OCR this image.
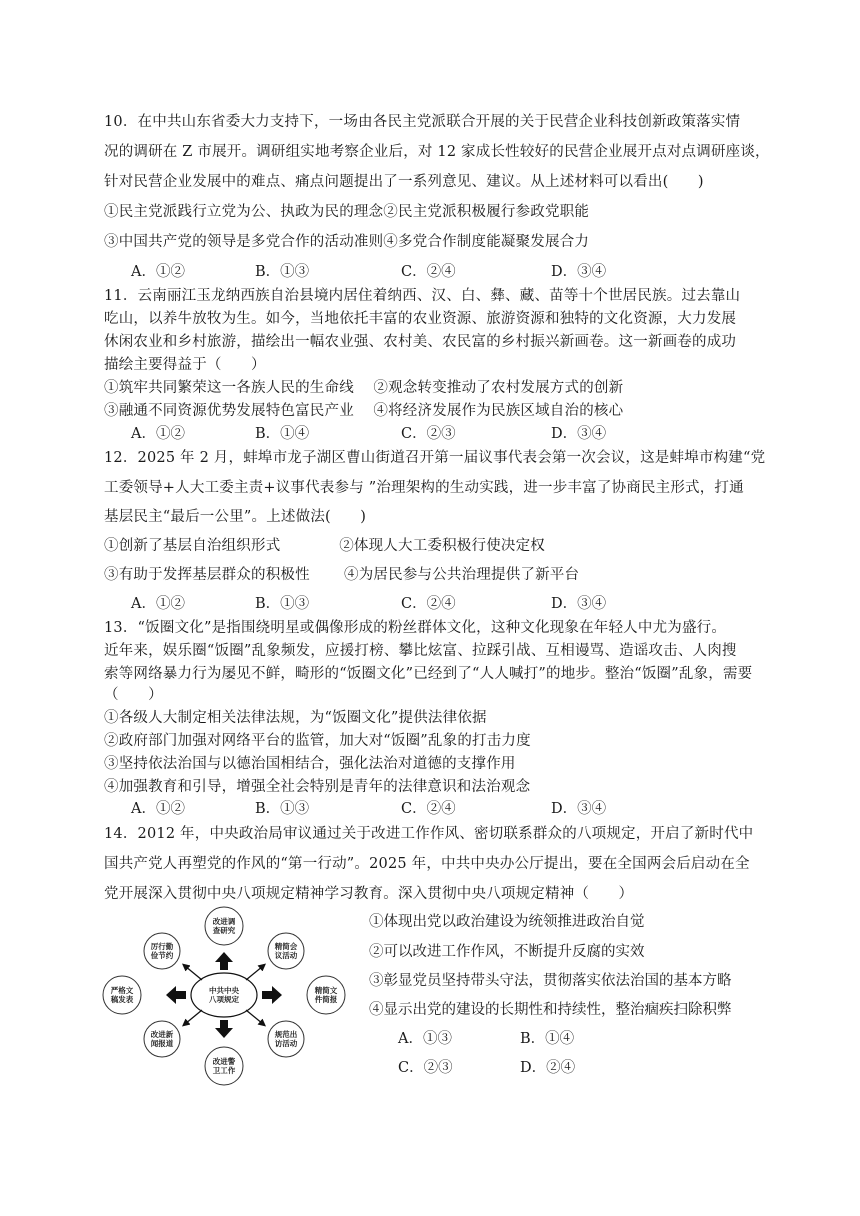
10．在中共山东省委大力支持下，一场由各民主党派联合开展的关于民营企业科技创新政策落实情
况的调研在 Z 市展开。调研组实地考察企业后，对 12 家成长性较好的民营企业展开点对点调研座谈，
针对民营企业发展中的难点、痛点问题提出了一系列意见、建议。从上述材料可以看出(　　)
①民主党派践行立党为公、执政为民的理念②民主党派积极履行参政党职能
③中国共产党的领导是多党合作的活动准则④多党合作制度能凝聚发展合力
A．①②	B．①③	C．②④	D．③④
11．云南丽江玉龙纳西族自治县境内居住着纳西、汉、白、彝、藏、苗等十个世居民族。过去靠山
吃山，以养牛放牧为生。如今，当地依托丰富的农业资源、旅游资源和独特的文化资源，大力发展
休闲农业和乡村旅游，描绘出一幅农业强、农村美、农民富的乡村振兴新画卷。这一新画卷的成功
描绘主要得益于（　　）
①筑牢共同繁荣这一各族人民的生命线　 ②观念转变推动了农村发展方式的创新
③融通不同资源优势发展特色富民产业　 ④将经济发展作为民族区域自治的核心
A．①②	B．①④	C．②③	D．③④
12．2025 年 2 月，蚌埠市龙子湖区曹山街道召开第一届议事代表会第一次会议，这是蚌埠市构建“党
工委领导+人大工委主责+议事代表参与 ”治理架构的生动实践，进一步丰富了协商民主形式，打通
基层民主“最后一公里”。上述做法(　　)
①创新了基层自治组织形式　　　　②体现人大工委积极行使决定权
③有助于发挥基层群众的积极性　　 ④为居民参与公共治理提供了新平台
A．①②	B．①③	C．②④	D．③④
13．“饭圈文化”是指围绕明星或偶像形成的粉丝群体文化，这种文化现象在年轻人中尤为盛行。
近年来，娱乐圈“饭圈”乱象频发，应援打榜、攀比炫富、拉踩引战、互相谩骂、造谣攻击、人肉搜
索等网络暴力行为屡见不鲜，畸形的“饭圈文化”已经到了“人人喊打”的地步。整治“饭圈”乱象，需要
（　　）
①各级人大制定相关法律法规，为“饭圈文化”提供法律依据
②政府部门加强对网络平台的监管，加大对“饭圈”乱象的打击力度
③坚持依法治国与以德治国相结合，强化法治对道德的支撑作用
④加强教育和引导，增强全社会特别是青年的法律意识和法治观念
A．①②	B．①③	C．②④	D．③④
14．2012 年，中央政治局审议通过关于改进工作作风、密切联系群众的八项规定，开启了新时代中
国共产党人再塑党的作风的“第一行动”。2025 年，中共中央办公厅提出，要在全国两会后启动在全
党开展深入贯彻中央八项规定精神学习教育。深入贯彻中央八项规定精神（　　）
中共中央
八项规定
改进调
查研究
精简会
议活动
精简文
件简报
规范出
访活动
改进警
卫工作
改进新
闻报道
严格文
稿发表
厉行勤
俭节约
①体现出党以政治建设为统领推进政治自觉
②可以改进工作作风，不断提升反腐的实效
③彰显党员坚持带头守法，贯彻落实依法治国的基本方略
④显示出党的建设的长期性和持续性，整治痼疾扫除积弊
A．①③	B．①④
C．②③	D．②④
